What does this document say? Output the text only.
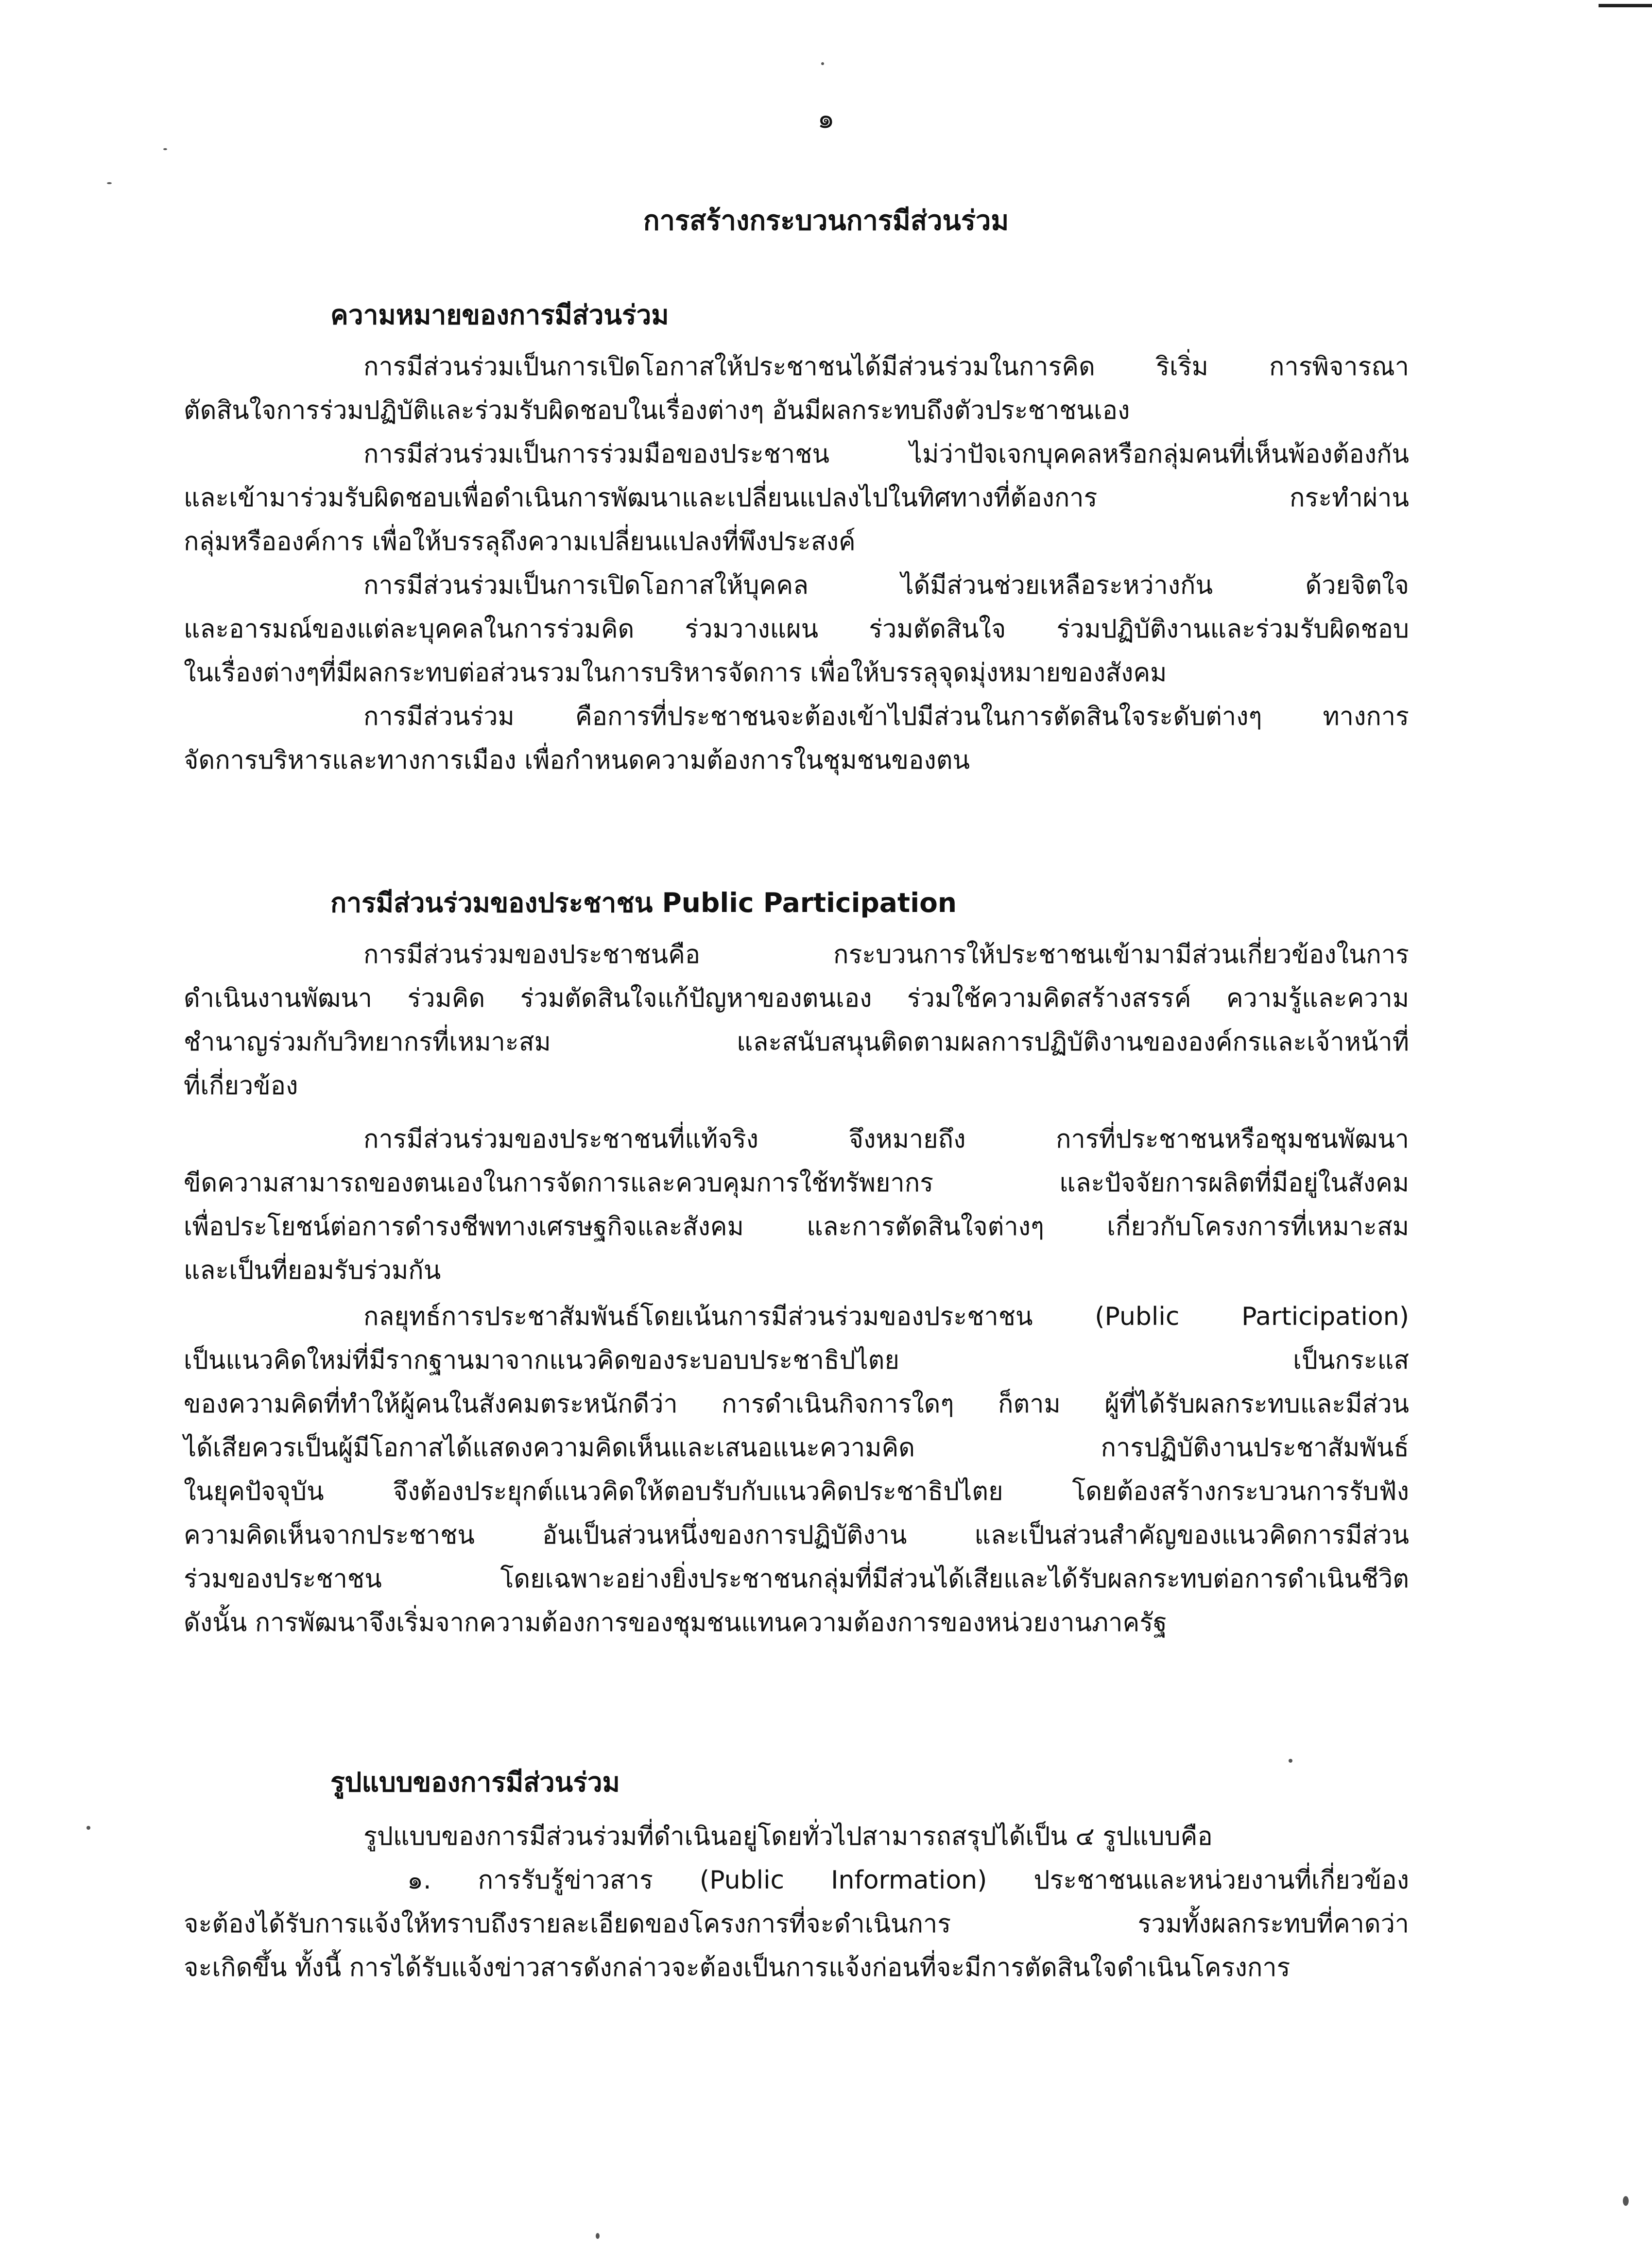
๑
การสร้างกระบวนการมีส่วนร่วม
ความหมายของการมีส่วนร่วม
การมีส่วนร่วมเป็นการเปิดโอกาสให้ประชาชนได้มีส่วนร่วมในการคิด ริเริ่ม การพิจารณา
ตัดสินใจการร่วมปฏิบัติและร่วมรับผิดชอบในเรื่องต่างๆ อันมีผลกระทบถึงตัวประชาชนเอง
การมีส่วนร่วมเป็นการร่วมมือของประชาชน ไม่ว่าปัจเจกบุคคลหรือกลุ่มคนที่เห็นพ้องต้องกัน
และเข้ามาร่วมรับผิดชอบเพื่อดำเนินการพัฒนาและเปลี่ยนแปลงไปในทิศทางที่ต้องการ กระทำผ่าน
กลุ่มหรือองค์การ เพื่อให้บรรลุถึงความเปลี่ยนแปลงที่พึงประสงค์
การมีส่วนร่วมเป็นการเปิดโอกาสให้บุคคล ได้มีส่วนช่วยเหลือระหว่างกัน ด้วยจิตใจ
และอารมณ์ของแต่ละบุคคลในการร่วมคิด ร่วมวางแผน ร่วมตัดสินใจ ร่วมปฏิบัติงานและร่วมรับผิดชอบ
ในเรื่องต่างๆที่มีผลกระทบต่อส่วนรวมในการบริหารจัดการ เพื่อให้บรรลุจุดมุ่งหมายของสังคม
การมีส่วนร่วม คือการที่ประชาชนจะต้องเข้าไปมีส่วนในการตัดสินใจระดับต่างๆ ทางการ
จัดการบริหารและทางการเมือง เพื่อกำหนดความต้องการในชุมชนของตน
การมีส่วนร่วมของประชาชน Public Participation
การมีส่วนร่วมของประชาชนคือ กระบวนการให้ประชาชนเข้ามามีส่วนเกี่ยวข้องในการ
ดำเนินงานพัฒนา ร่วมคิด ร่วมตัดสินใจแก้ปัญหาของตนเอง ร่วมใช้ความคิดสร้างสรรค์ ความรู้และความ
ชำนาญร่วมกับวิทยากรที่เหมาะสม และสนับสนุนติดตามผลการปฏิบัติงานขององค์กรและเจ้าหน้าที่
ที่เกี่ยวข้อง
การมีส่วนร่วมของประชาชนที่แท้จริง จึงหมายถึง การที่ประชาชนหรือชุมชนพัฒนา
ขีดความสามารถของตนเองในการจัดการและควบคุมการใช้ทรัพยากร และปัจจัยการผลิตที่มีอยู่ในสังคม
เพื่อประโยชน์ต่อการดำรงชีพทางเศรษฐกิจและสังคม และการตัดสินใจต่างๆ เกี่ยวกับโครงการที่เหมาะสม
และเป็นที่ยอมรับร่วมกัน
กลยุทธ์การประชาสัมพันธ์โดยเน้นการมีส่วนร่วมของประชาชน (Public Participation)
เป็นแนวคิดใหม่ที่มีรากฐานมาจากแนวคิดของระบอบประชาธิปไตย เป็นกระแส
ของความคิดที่ทำให้ผู้คนในสังคมตระหนักดีว่า การดำเนินกิจการใดๆ ก็ตาม ผู้ที่ได้รับผลกระทบและมีส่วน
ได้เสียควรเป็นผู้มีโอกาสได้แสดงความคิดเห็นและเสนอแนะความคิด การปฏิบัติงานประชาสัมพันธ์
ในยุคปัจจุบัน จึงต้องประยุกต์แนวคิดให้ตอบรับกับแนวคิดประชาธิปไตย โดยต้องสร้างกระบวนการรับฟัง
ความคิดเห็นจากประชาชน อันเป็นส่วนหนึ่งของการปฏิบัติงาน และเป็นส่วนสำคัญของแนวคิดการมีส่วน
ร่วมของประชาชน โดยเฉพาะอย่างยิ่งประชาชนกลุ่มที่มีส่วนได้เสียและได้รับผลกระทบต่อการดำเนินชีวิต
ดังนั้น การพัฒนาจึงเริ่มจากความต้องการของชุมชนแทนความต้องการของหน่วยงานภาครัฐ
รูปแบบของการมีส่วนร่วม
รูปแบบของการมีส่วนร่วมที่ดำเนินอยู่โดยทั่วไปสามารถสรุปได้เป็น ๔ รูปแบบคือ
๑. การรับรู้ข่าวสาร (Public Information) ประชาชนและหน่วยงานที่เกี่ยวข้อง
จะต้องได้รับการแจ้งให้ทราบถึงรายละเอียดของโครงการที่จะดำเนินการ รวมทั้งผลกระทบที่คาดว่า
จะเกิดขึ้น ทั้งนี้ การได้รับแจ้งข่าวสารดังกล่าวจะต้องเป็นการแจ้งก่อนที่จะมีการตัดสินใจดำเนินโครงการ
